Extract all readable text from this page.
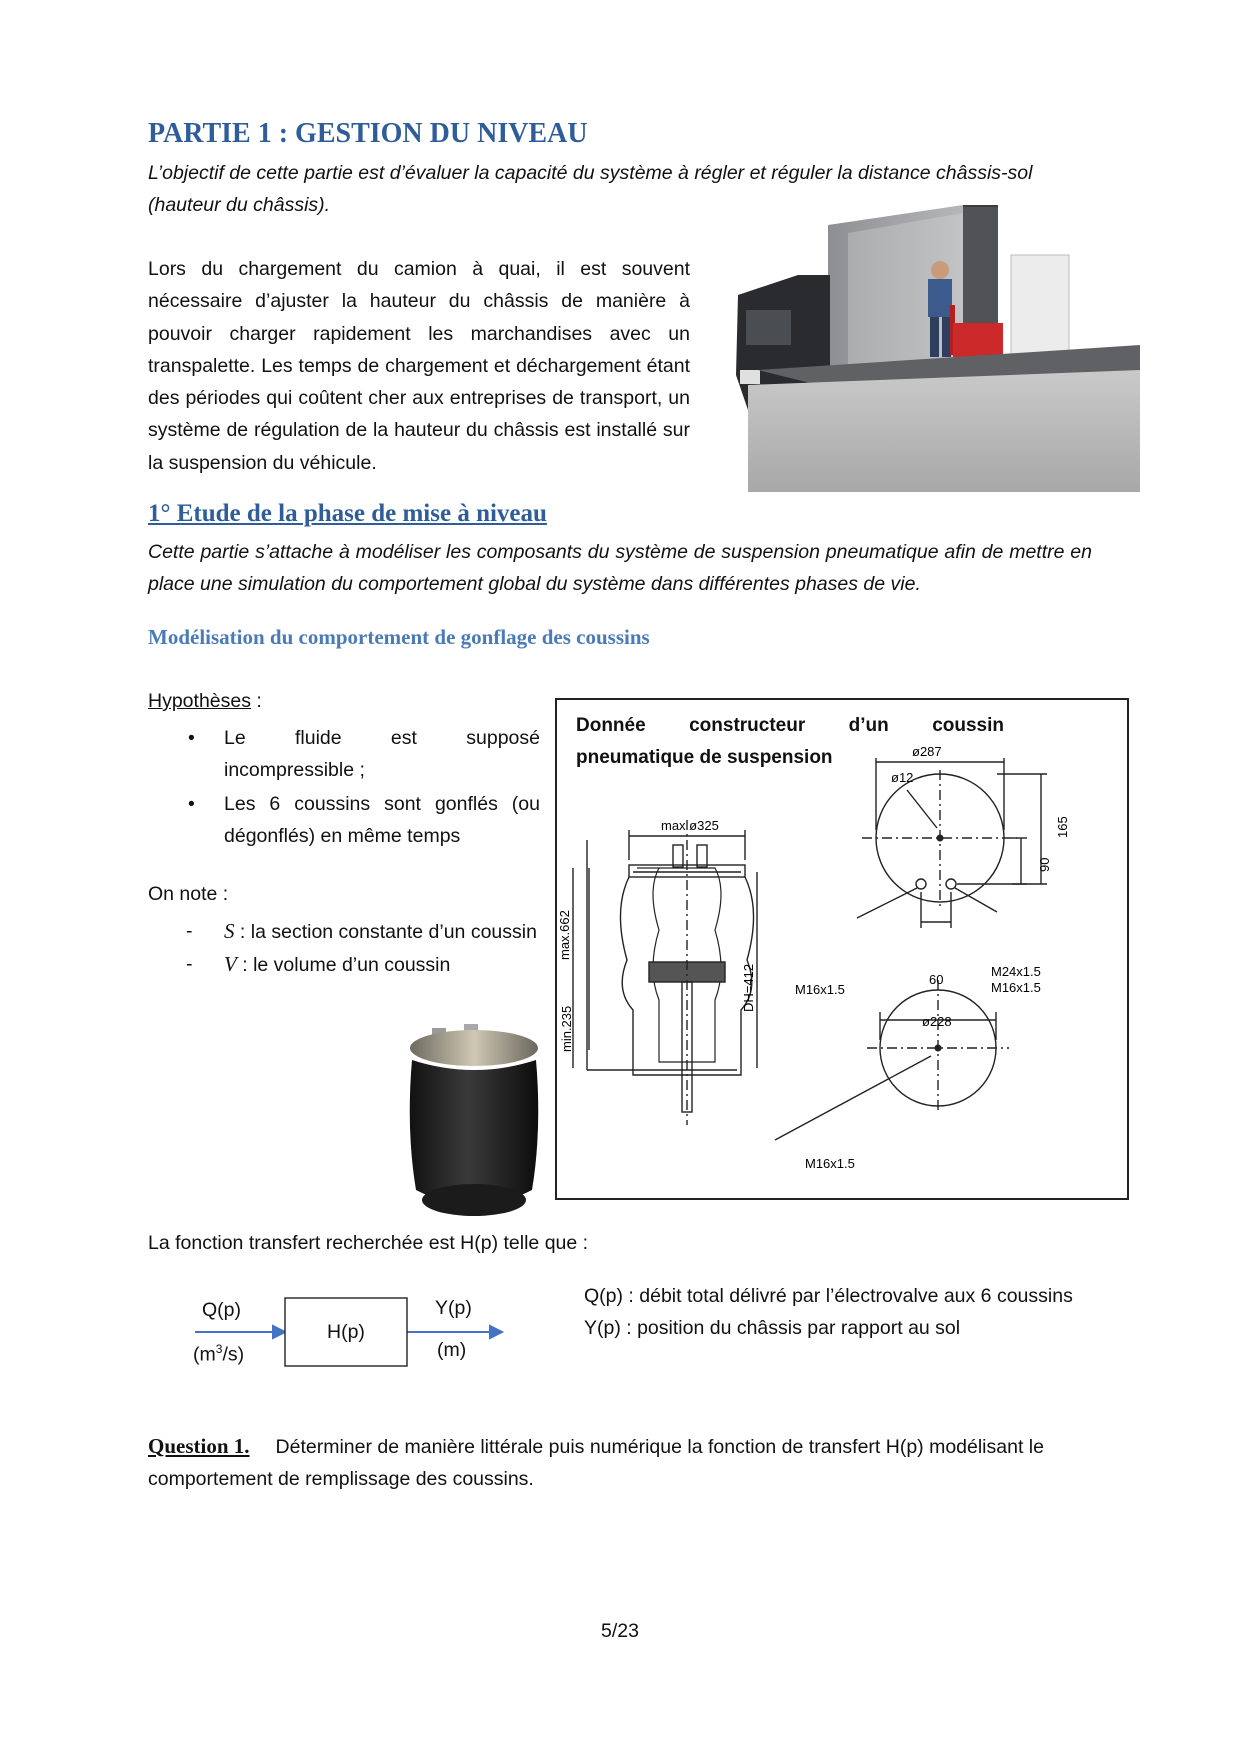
PARTIE 1 : GESTION DU NIVEAU
L’objectif de cette partie est d’évaluer la capacité du système à régler et réguler la distance châssis-sol (hauteur du châssis).
Lors du chargement du camion à quai, il est souvent nécessaire d’ajuster la hauteur du châssis de manière à pouvoir charger rapidement les marchandises avec un transpalette. Les temps de chargement et déchargement étant des périodes qui coûtent cher aux entreprises de transport, un système de régulation de la hauteur du châssis est installé sur la suspension du véhicule.
1° Etude de la phase de mise à niveau
Cette partie s’attache à modéliser les composants du système de suspension pneumatique afin de mettre en place une simulation du comportement global du système dans différentes phases de vie.
Modélisation du comportement de gonflage des coussins
Hypothèses :
• Le fluide est supposé incompressible ;
• Les 6 coussins sont gonflés (ou dégonflés) en même temps
On note :
- S : la section constante d’un coussin
- V : le volume d’un coussin
Donnée constructeur d’un coussin pneumatique de suspension	ø287
ø12
max ø325
max.662
min.235
DH=412	M16x1.5
60
M24x1.5
M16x1.5
90
165
ø228
M16x1.5
La fonction transfert recherchée est H(p) telle que :
Q(p)
$(m^3/s)$
H(p)
Y(p)
(m)
Q(p) : débit total délivré par l’électrovalve aux 6 coussins
Y(p) : position du châssis par rapport au sol
Question 1. Déterminer de manière littérale puis numérique la fonction de transfert H(p) modélisant le comportement de remplissage des coussins.
5/23
